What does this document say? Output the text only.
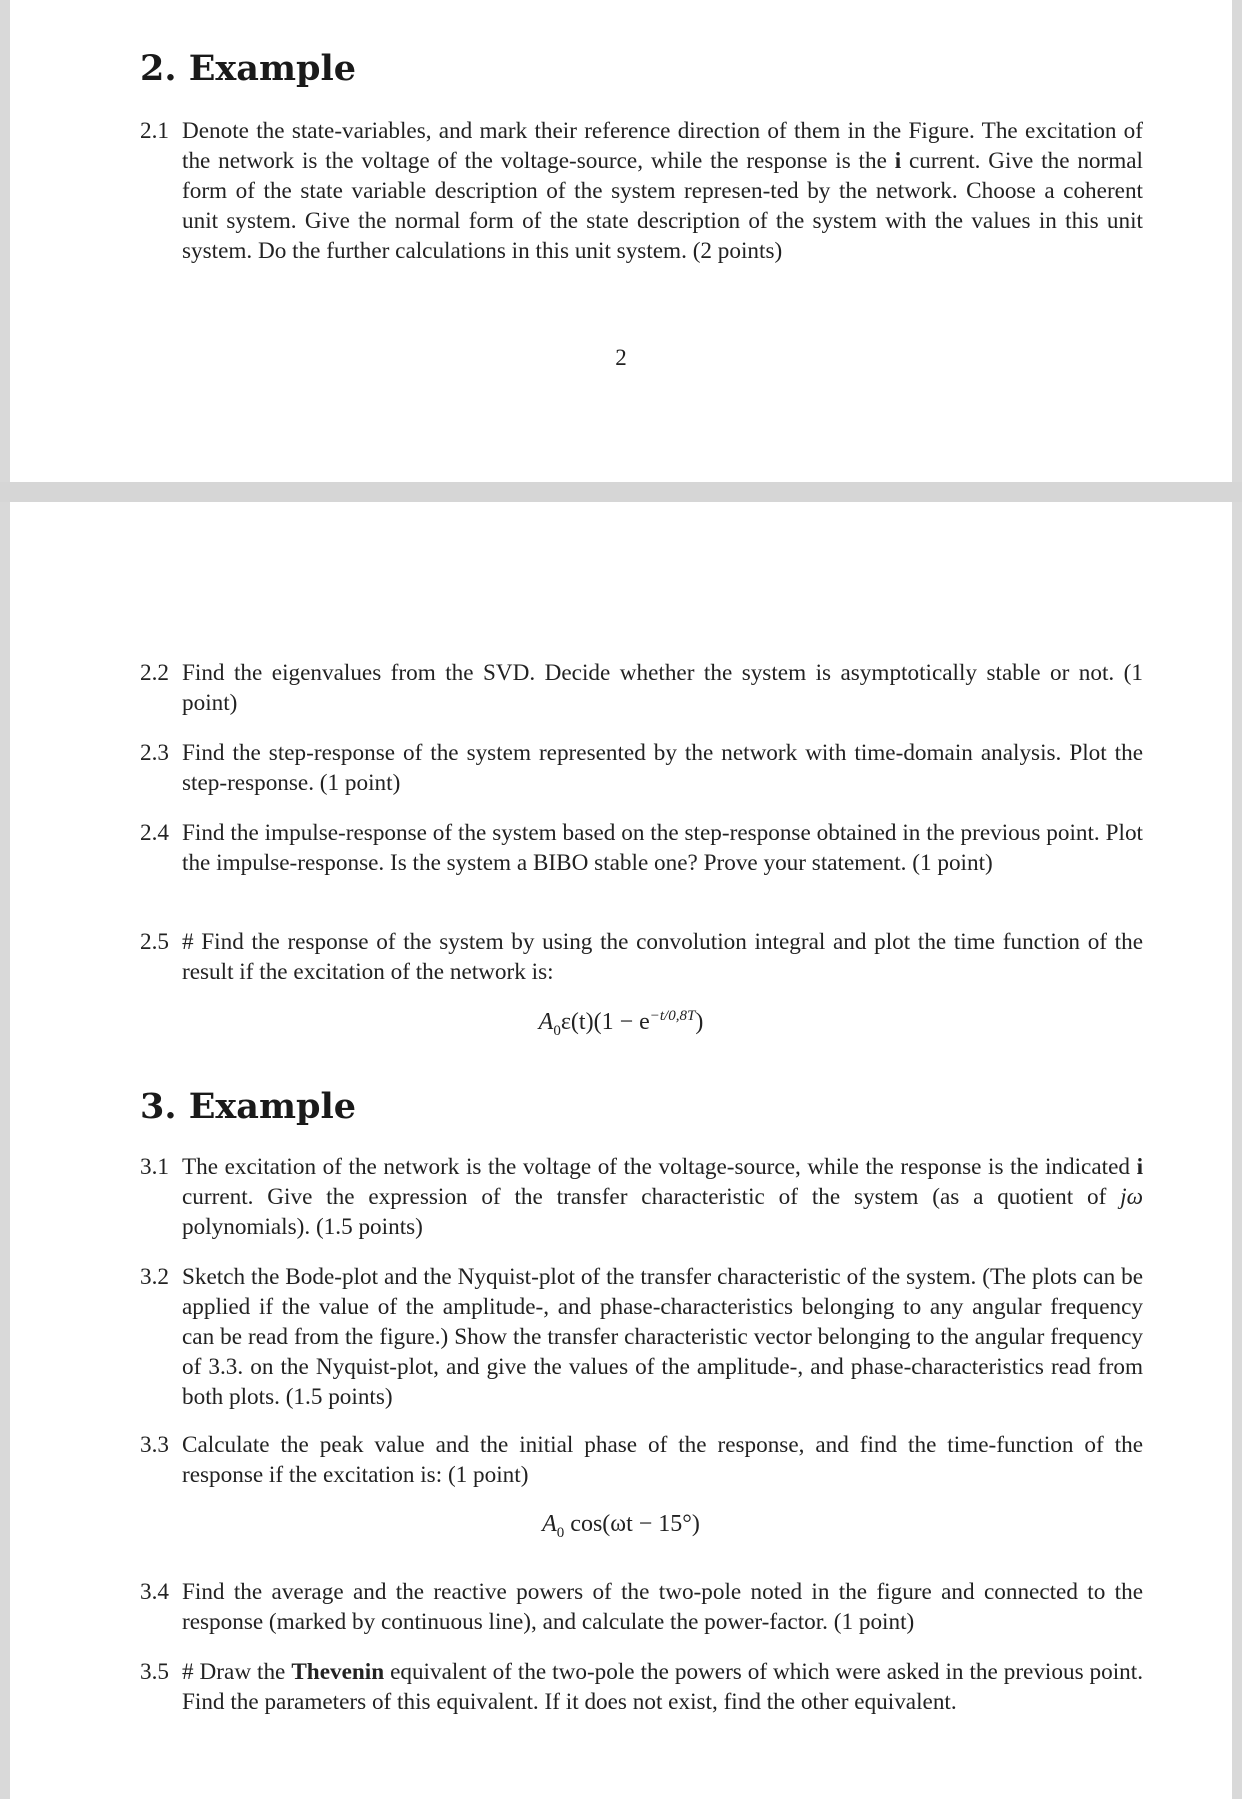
2. Example
2.1 Denote the state-variables, and mark their reference direction of them in the Figure. The excitation of the network is the voltage of the voltage-source, while the response is the i current. Give the normal form of the state variable description of the system represen-ted by the network. Choose a coherent unit system. Give the normal form of the state description of the system with the values in this unit system. Do the further calculations in this unit system. (2 points)
2
2.2 Find the eigenvalues from the SVD. Decide whether the system is asymptotically stable or not. (1 point)
2.3 Find the step-response of the system represented by the network with time-domain analysis. Plot the step-response. (1 point)
2.4 Find the impulse-response of the system based on the step-response obtained in the previous point. Plot the impulse-response. Is the system a BIBO stable one? Prove your statement. (1 point)
2.5 # Find the response of the system by using the convolution integral and plot the time function of the result if the excitation of the network is:
$A_0\varepsilon(t)(1 - e^{-t/0,8T})$
3. Example
3.1 The excitation of the network is the voltage of the voltage-source, while the response is the indicated i current. Give the expression of the transfer characteristic of the system (as a quotient of jω polynomials). (1.5 points)
3.2 Sketch the Bode-plot and the Nyquist-plot of the transfer characteristic of the system. (The plots can be applied if the value of the amplitude-, and phase-characteristics belonging to any angular frequency can be read from the figure.) Show the transfer characteristic vector belonging to the angular frequency of 3.3. on the Nyquist-plot, and give the values of the amplitude-, and phase-characteristics read from both plots. (1.5 points)
3.3 Calculate the peak value and the initial phase of the response, and find the time-function of the response if the excitation is: (1 point)
$A_0$ cos(ωt − 15°)
3.4 Find the average and the reactive powers of the two-pole noted in the figure and connected to the response (marked by continuous line), and calculate the power-factor. (1 point)
3.5 # Draw the Thevenin equivalent of the two-pole the powers of which were asked in the previous point. Find the parameters of this equivalent. If it does not exist, find the other equivalent.
